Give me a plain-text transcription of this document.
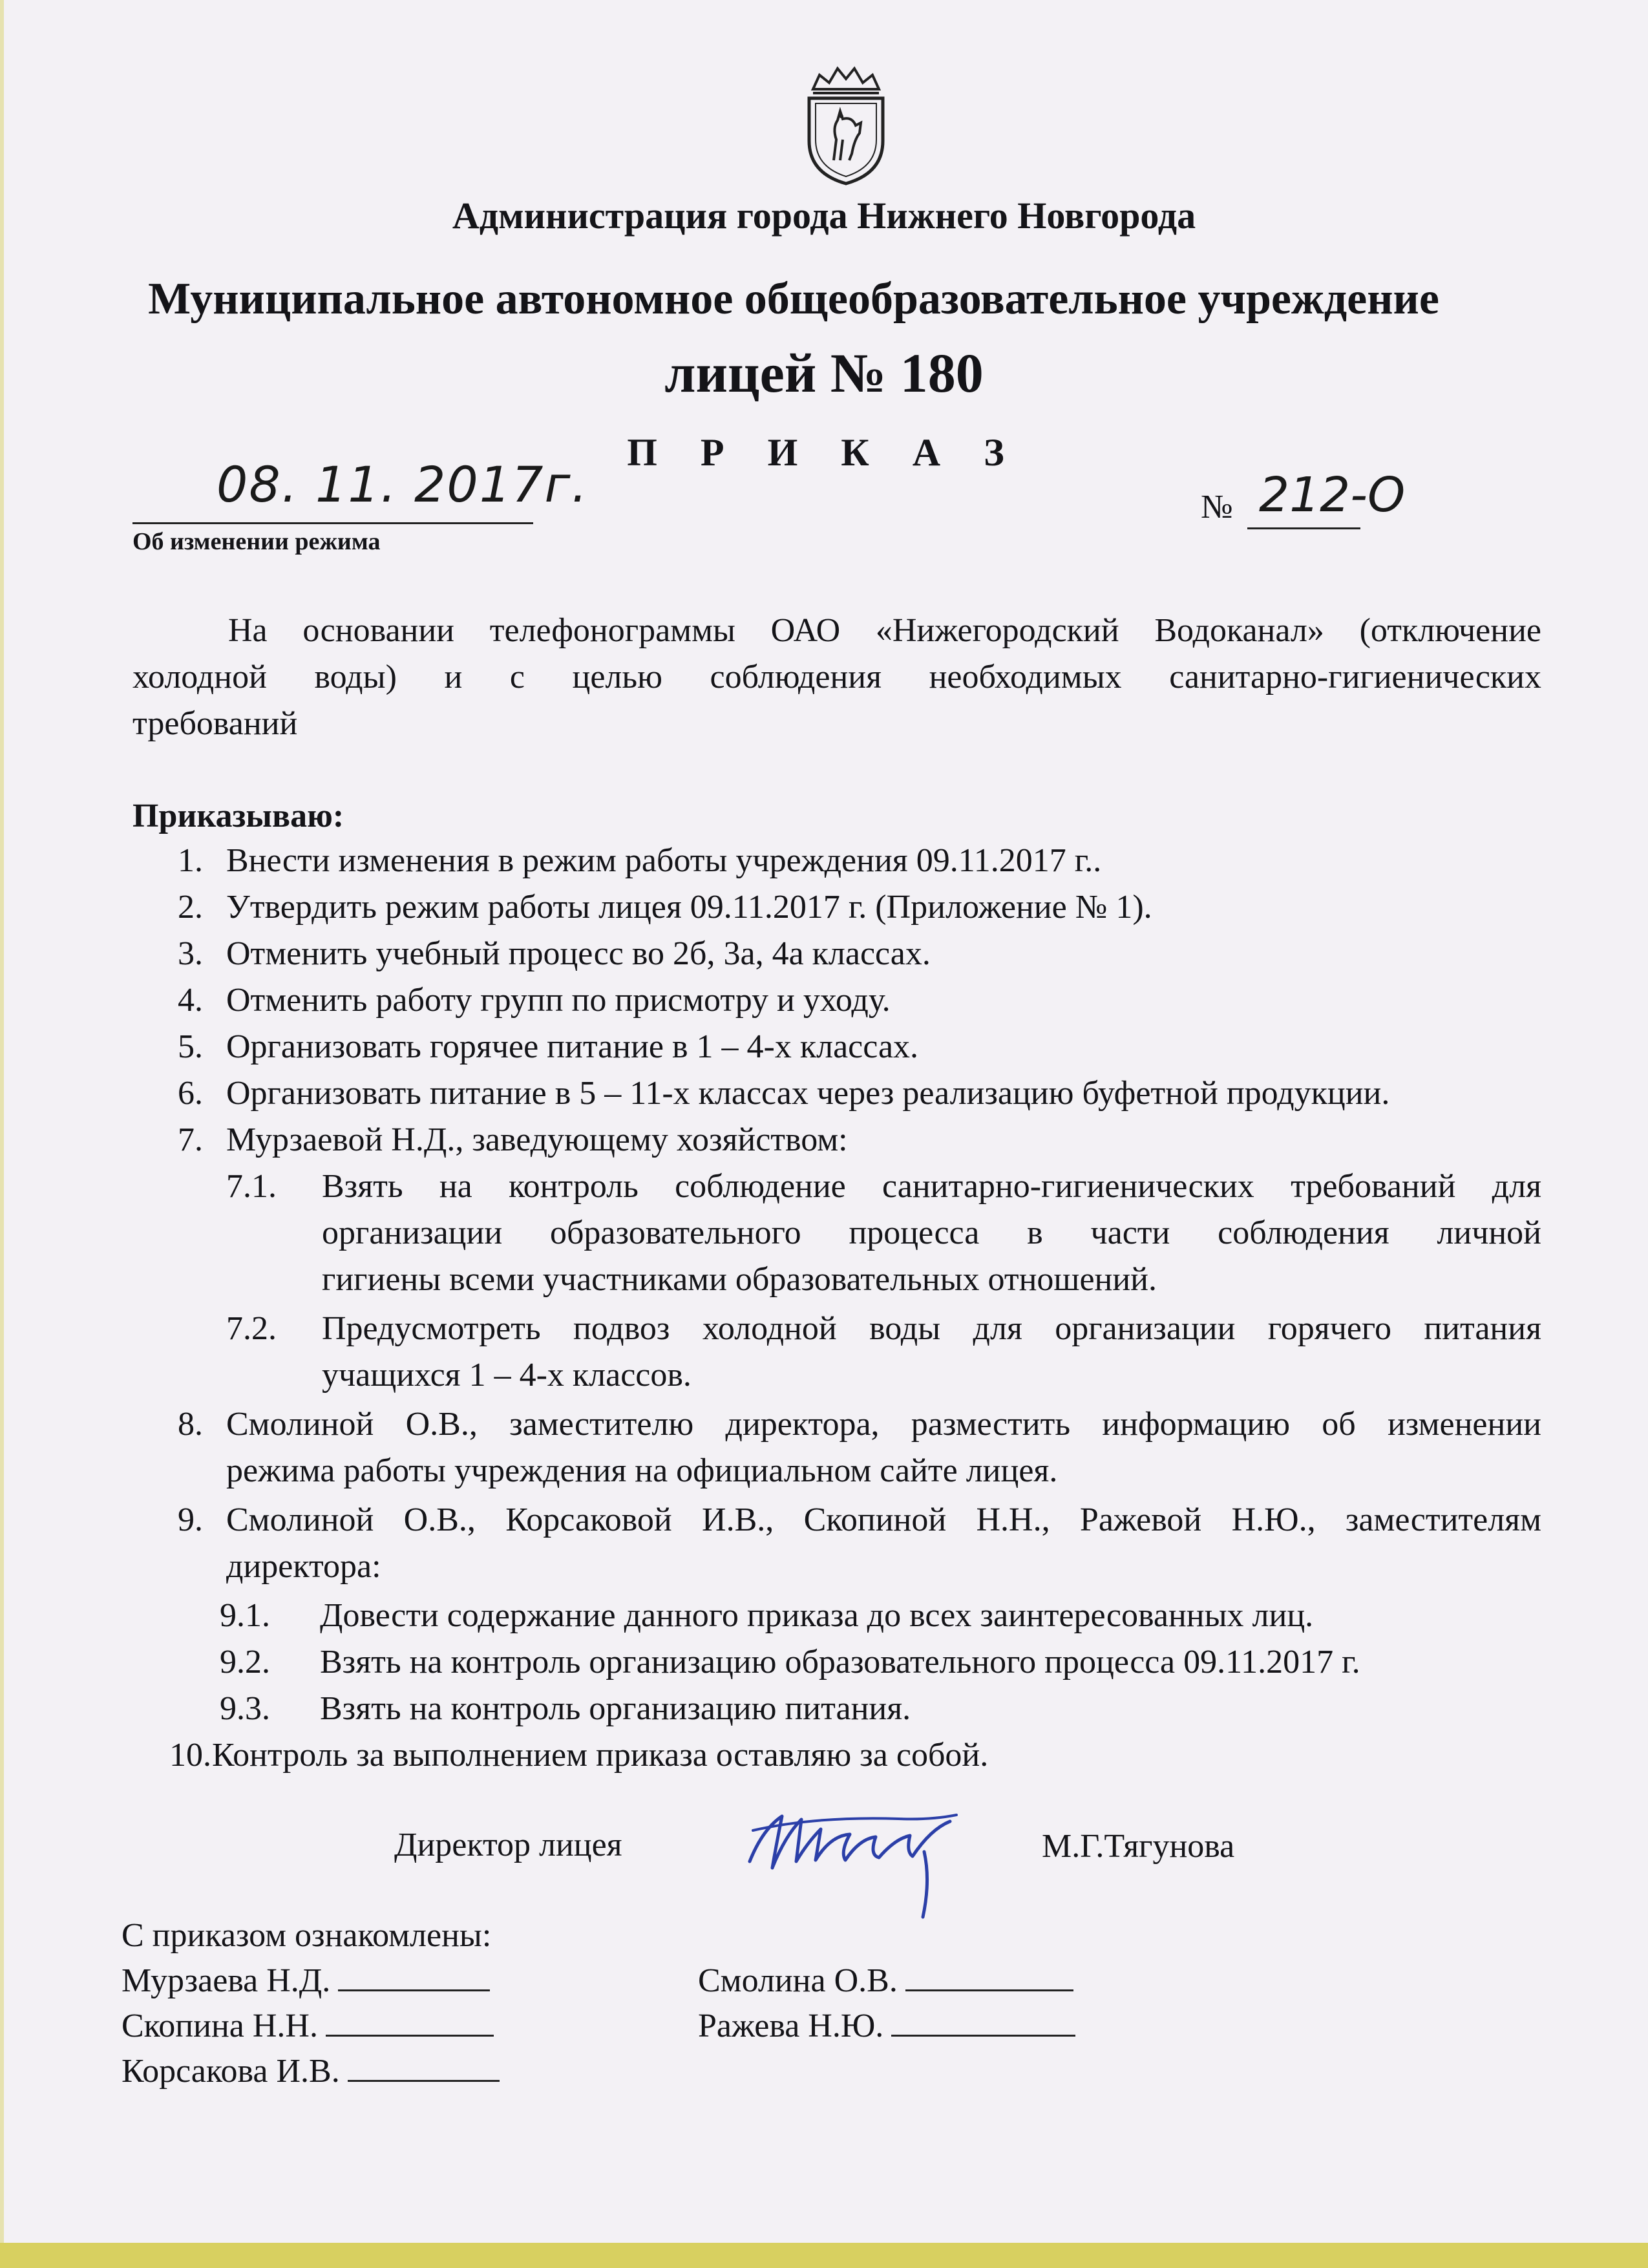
Администрация города Нижнего Новгорода
Муниципальное автономное общеобразовательное учреждение
лицей № 180
П Р И К А З
08. 11. 2017г.	№ 212-О
Об изменении режима
На основании телефонограммы ОАО «Нижегородский Водоканал» (отключение
холодной воды) и с целью соблюдения необходимых санитарно-гигиенических
требований
Приказываю:
1. Внести изменения в режим работы учреждения 09.11.2017 г..
2. Утвердить режим работы лицея 09.11.2017 г. (Приложение № 1).
3. Отменить учебный процесс во 2б, 3а, 4а классах.
4. Отменить работу групп по присмотру и уходу.
5. Организовать горячее питание в 1 – 4-х классах.
6. Организовать питание в 5 – 11-х классах через реализацию буфетной продукции.
7. Мурзаевой Н.Д., заведующему хозяйством:
7.1. Взять на контроль соблюдение санитарно-гигиенических требований для
организации образовательного процесса в части соблюдения личной
гигиены всеми участниками образовательных отношений.
7.2. Предусмотреть подвоз холодной воды для организации горячего питания
учащихся 1 – 4-х классов.
8. Смолиной О.В., заместителю директора, разместить информацию об изменении
режима работы учреждения на официальном сайте лицея.
9. Смолиной О.В., Корсаковой И.В., Скопиной Н.Н., Ражевой Н.Ю., заместителям
директора:
9.1. Довести содержание данного приказа до всех заинтересованных лиц.
9.2. Взять на контроль организацию образовательного процесса 09.11.2017 г.
9.3. Взять на контроль организацию питания.
10. Контроль за выполнением приказа оставляю за собой.
Директор лицея	М.Г.Тягунова
С приказом ознакомлены:
Мурзаева Н.Д.
Скопина Н.Н.
Корсакова И.В.
Смолина О.В.
Ражева Н.Ю.
